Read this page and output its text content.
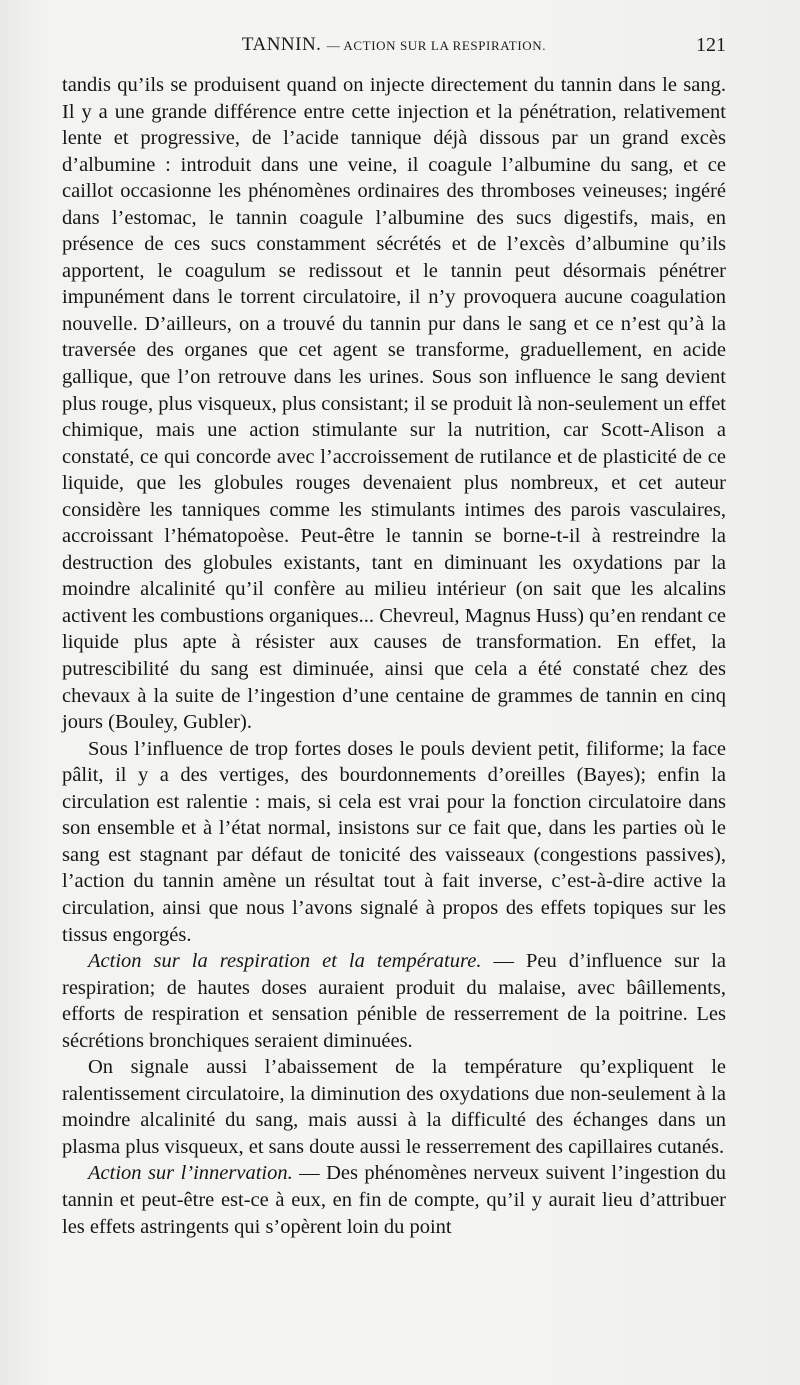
TANNIN. — ACTION SUR LA RESPIRATION.	121

tandis qu’ils se produisent quand on injecte directement du tannin dans le sang. Il y a une grande différence entre cette injection et la pénétration, relativement lente et progressive, de l’acide tannique déjà dissous par un grand excès d’albumine : introduit dans une veine, il coagule l’albumine du sang, et ce caillot occasionne les phénomènes ordinaires des thromboses veineuses; ingéré dans l’estomac, le tannin coagule l’albumine des sucs digestifs, mais, en présence de ces sucs constamment sécrétés et de l’excès d’albumine qu’ils apportent, le coagulum se redissout et le tannin peut désormais pénétrer impunément dans le torrent circulatoire, il n’y provoquera aucune coagulation nouvelle. D’ailleurs, on a trouvé du tannin pur dans le sang et ce n’est qu’à la traversée des organes que cet agent se transforme, graduellement, en acide gallique, que l’on retrouve dans les urines. Sous son influence le sang devient plus rouge, plus visqueux, plus consistant; il se produit là non-seulement un effet chimique, mais une action stimulante sur la nutrition, car Scott-Alison a constaté, ce qui concorde avec l’accroissement de rutilance et de plasticité de ce liquide, que les globules rouges devenaient plus nombreux, et cet auteur considère les tanniques comme les stimulants intimes des parois vasculaires, accroissant l’hématopoèse. Peut-être le tannin se borne-t-il à restreindre la destruction des globules existants, tant en diminuant les oxydations par la moindre alcalinité qu’il confère au milieu intérieur (on sait que les alcalins activent les combustions organiques... Chevreul, Magnus Huss) qu’en rendant ce liquide plus apte à résister aux causes de transformation. En effet, la putrescibilité du sang est diminuée, ainsi que cela a été constaté chez des chevaux à la suite de l’ingestion d’une centaine de grammes de tannin en cinq jours (Bouley, Gubler).

Sous l’influence de trop fortes doses le pouls devient petit, filiforme; la face pâlit, il y a des vertiges, des bourdonnements d’oreilles (Bayes); enfin la circulation est ralentie : mais, si cela est vrai pour la fonction circulatoire dans son ensemble et à l’état normal, insistons sur ce fait que, dans les parties où le sang est stagnant par défaut de tonicité des vaisseaux (congestions passives), l’action du tannin amène un résultat tout à fait inverse, c’est-à-dire active la circulation, ainsi que nous l’avons signalé à propos des effets topiques sur les tissus engorgés.

Action sur la respiration et la température. — Peu d’influence sur la respiration; de hautes doses auraient produit du malaise, avec bâillements, efforts de respiration et sensation pénible de resserrement de la poitrine. Les sécrétions bronchiques seraient diminuées.

On signale aussi l’abaissement de la température qu’expliquent le ralentissement circulatoire, la diminution des oxydations due non-seulement à la moindre alcalinité du sang, mais aussi à la difficulté des échanges dans un plasma plus visqueux, et sans doute aussi le resserrement des capillaires cutanés.

Action sur l’innervation. — Des phénomènes nerveux suivent l’ingestion du tannin et peut-être est-ce à eux, en fin de compte, qu’il y aurait lieu d’attribuer les effets astringents qui s’opèrent loin du point
